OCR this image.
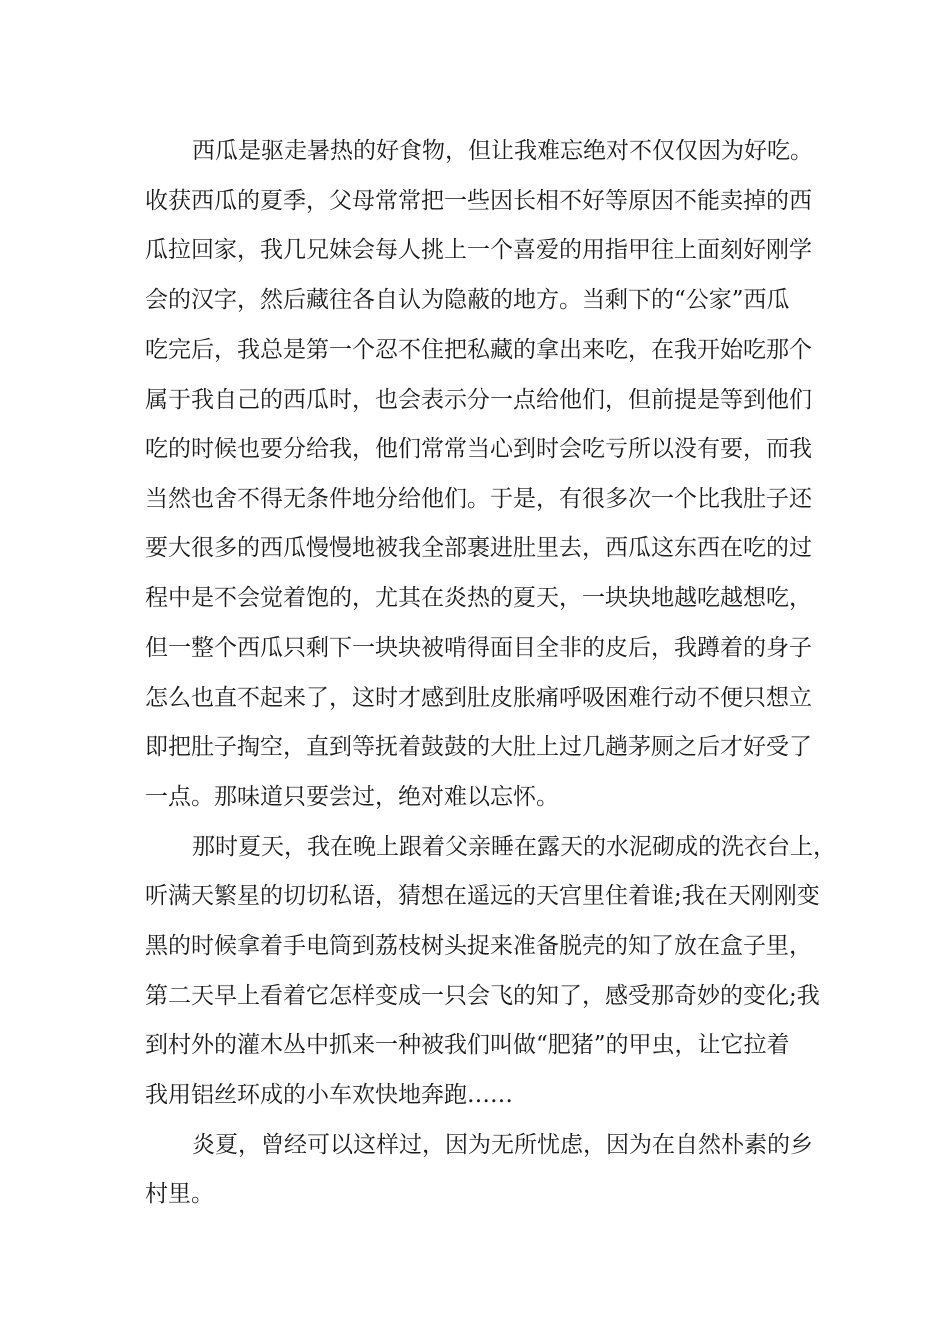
西瓜是驱走暑热的好食物，但让我难忘绝对不仅仅因为好吃。
收获西瓜的夏季，父母常常把一些因长相不好等原因不能卖掉的西
瓜拉回家，我几兄妹会每人挑上一个喜爱的用指甲往上面刻好刚学
会的汉字，然后藏往各自认为隐蔽的地方。当剩下的“公家”西瓜
吃完后，我总是第一个忍不住把私藏的拿出来吃，在我开始吃那个
属于我自己的西瓜时，也会表示分一点给他们，但前提是等到他们
吃的时候也要分给我，他们常常当心到时会吃亏所以没有要，而我
当然也舍不得无条件地分给他们。于是，有很多次一个比我肚子还
要大很多的西瓜慢慢地被我全部裹进肚里去，西瓜这东西在吃的过
程中是不会觉着饱的，尤其在炎热的夏天，一块块地越吃越想吃，
但一整个西瓜只剩下一块块被啃得面目全非的皮后，我蹲着的身子
怎么也直不起来了，这时才感到肚皮胀痛呼吸困难行动不便只想立
即把肚子掏空，直到等抚着鼓鼓的大肚上过几趟茅厕之后才好受了
一点。那味道只要尝过，绝对难以忘怀。
那时夏天，我在晚上跟着父亲睡在露天的水泥砌成的洗衣台上，
听满天繁星的切切私语，猜想在遥远的天宫里住着谁;我在天刚刚变
黑的时候拿着手电筒到荔枝树头捉来准备脱壳的知了放在盒子里，
第二天早上看着它怎样变成一只会飞的知了，感受那奇妙的变化;我
到村外的灌木丛中抓来一种被我们叫做“肥猪”的甲虫，让它拉着
我用铝丝环成的小车欢快地奔跑……
炎夏，曾经可以这样过，因为无所忧虑，因为在自然朴素的乡
村里。
